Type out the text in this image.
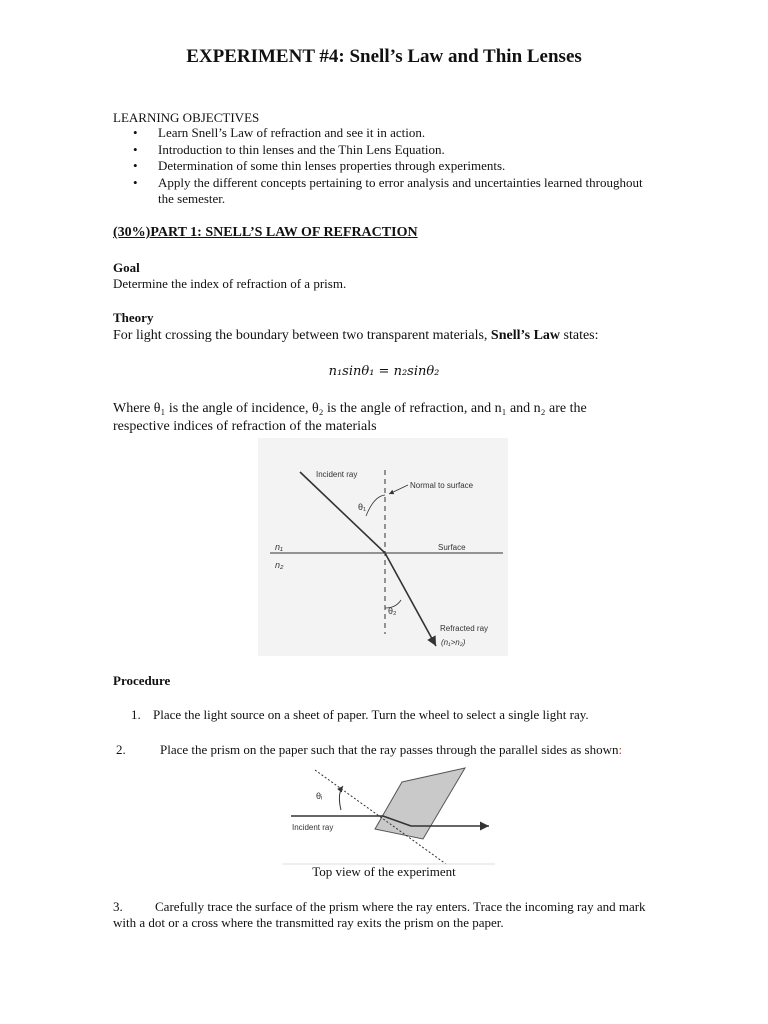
EXPERIMENT #4: Snell’s Law and Thin Lenses
LEARNING OBJECTIVES
• Learn Snell’s Law of refraction and see it in action.
• Introduction to thin lenses and the Thin Lens Equation.
• Determination of some thin lenses properties through experiments.
• Apply the different concepts pertaining to error analysis and uncertainties learned throughout the semester.
(30%)PART 1: SNELL’S LAW OF REFRACTION
Goal
Determine the index of refraction of a prism.
Theory
For light crossing the boundary between two transparent materials, Snell’s Law states:
n₁sinθ₁ = n₂sinθ₂
Where θ₁ is the angle of incidence, θ₂ is the angle of refraction, and n₁ and n₂ are the respective indices of refraction of the materials
Incident ray
Normal to surface
θ₁
n₁
n₂
Surface
θ₂
Refracted ray
(n₁>n₂)
Procedure
1. Place the light source on a sheet of paper. Turn the wheel to select a single light ray.
2.	Place the prism on the paper such that the ray passes through the parallel sides as shown:
θᵢ
Incident ray
Top view of the experiment
3.	Carefully trace the surface of the prism where the ray enters. Trace the incoming ray and mark with a dot or a cross where the transmitted ray exits the prism on the paper.
